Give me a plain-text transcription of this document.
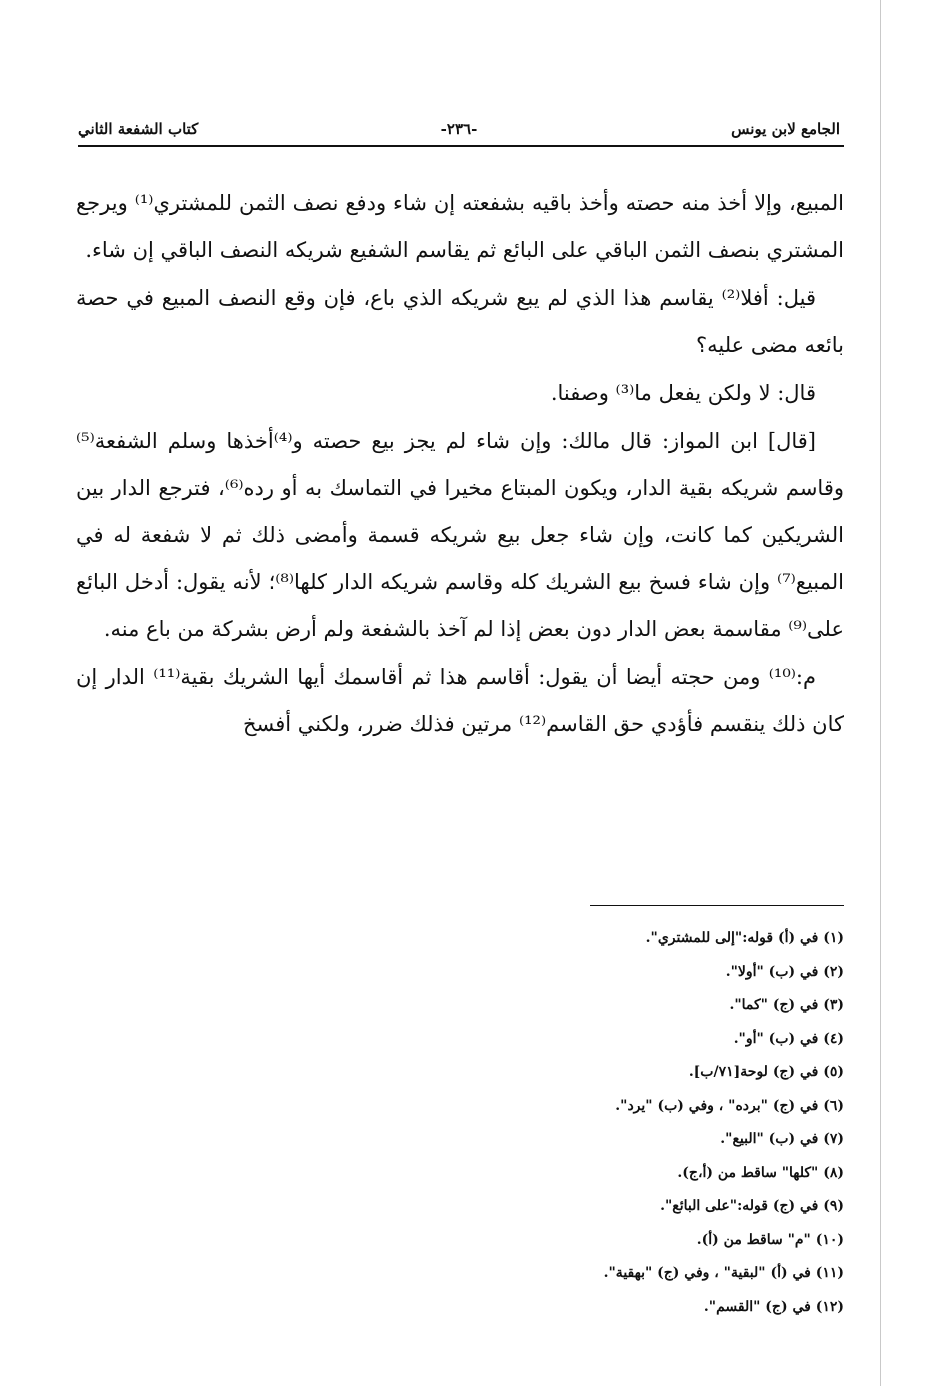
الجامع لابن يونس
-٢٣٦-
كتاب الشفعة الثاني

المبيع، وإلا أخذ منه حصته وأخذ باقيه بشفعته إن شاء ودفع نصف الثمن للمشتري⁽¹⁾ ويرجع المشتري بنصف الثمن الباقي على البائع ثم يقاسم الشفيع شريكه النصف الباقي إن شاء.

قيل: أفلا⁽²⁾ يقاسم هذا الذي لم يبع شريكه الذي باع، فإن وقع النصف المبيع في حصة بائعه مضى عليه؟

قال: لا ولكن يفعل ما⁽³⁾ وصفنا.

[قال] ابن المواز: قال مالك: وإن شاء لم يجز بيع حصته و⁽⁴⁾أخذها وسلم الشفعة⁽⁵⁾ وقاسم شريكه بقية الدار، ويكون المبتاع مخيرا في التماسك به أو رده⁽⁶⁾، فترجع الدار بين الشريكين كما كانت، وإن شاء جعل بيع شريكه قسمة وأمضى ذلك ثم لا شفعة له في المبيع⁽⁷⁾ وإن شاء فسخ بيع الشريك كله وقاسم شريكه الدار كلها⁽⁸⁾؛ لأنه يقول: أدخل البائع على⁽⁹⁾ مقاسمة بعض الدار دون بعض إذا لم آخذ بالشفعة ولم أرض بشركة من باع منه.

م:⁽¹⁰⁾ ومن حجته أيضا أن يقول: أقاسم هذا ثم أقاسمك أيها الشريك بقية⁽¹¹⁾ الدار إن كان ذلك ينقسم فأؤدي حق القاسم⁽¹²⁾ مرتين فذلك ضرر، ولكني أفسخ

(١) في (أ) قوله:"إلى للمشتري".
(٢) في (ب) "أولا".
(٣) في (ج) "كما".
(٤) في (ب) "أو".
(٥) في (ج) لوحة[٧١/ب].
(٦) في (ج) "برده" ، وفي (ب) "يرد".
(٧) في (ب) "البيع".
(٨) "كلها" ساقط من (أ،ج).
(٩) في (ج) قوله:"على البائع".
(١٠) "م" ساقط من (أ).
(١١) في (أ) "لبقية" ، وفي (ج) "بهقية".
(١٢) في (ج) "القسم".
